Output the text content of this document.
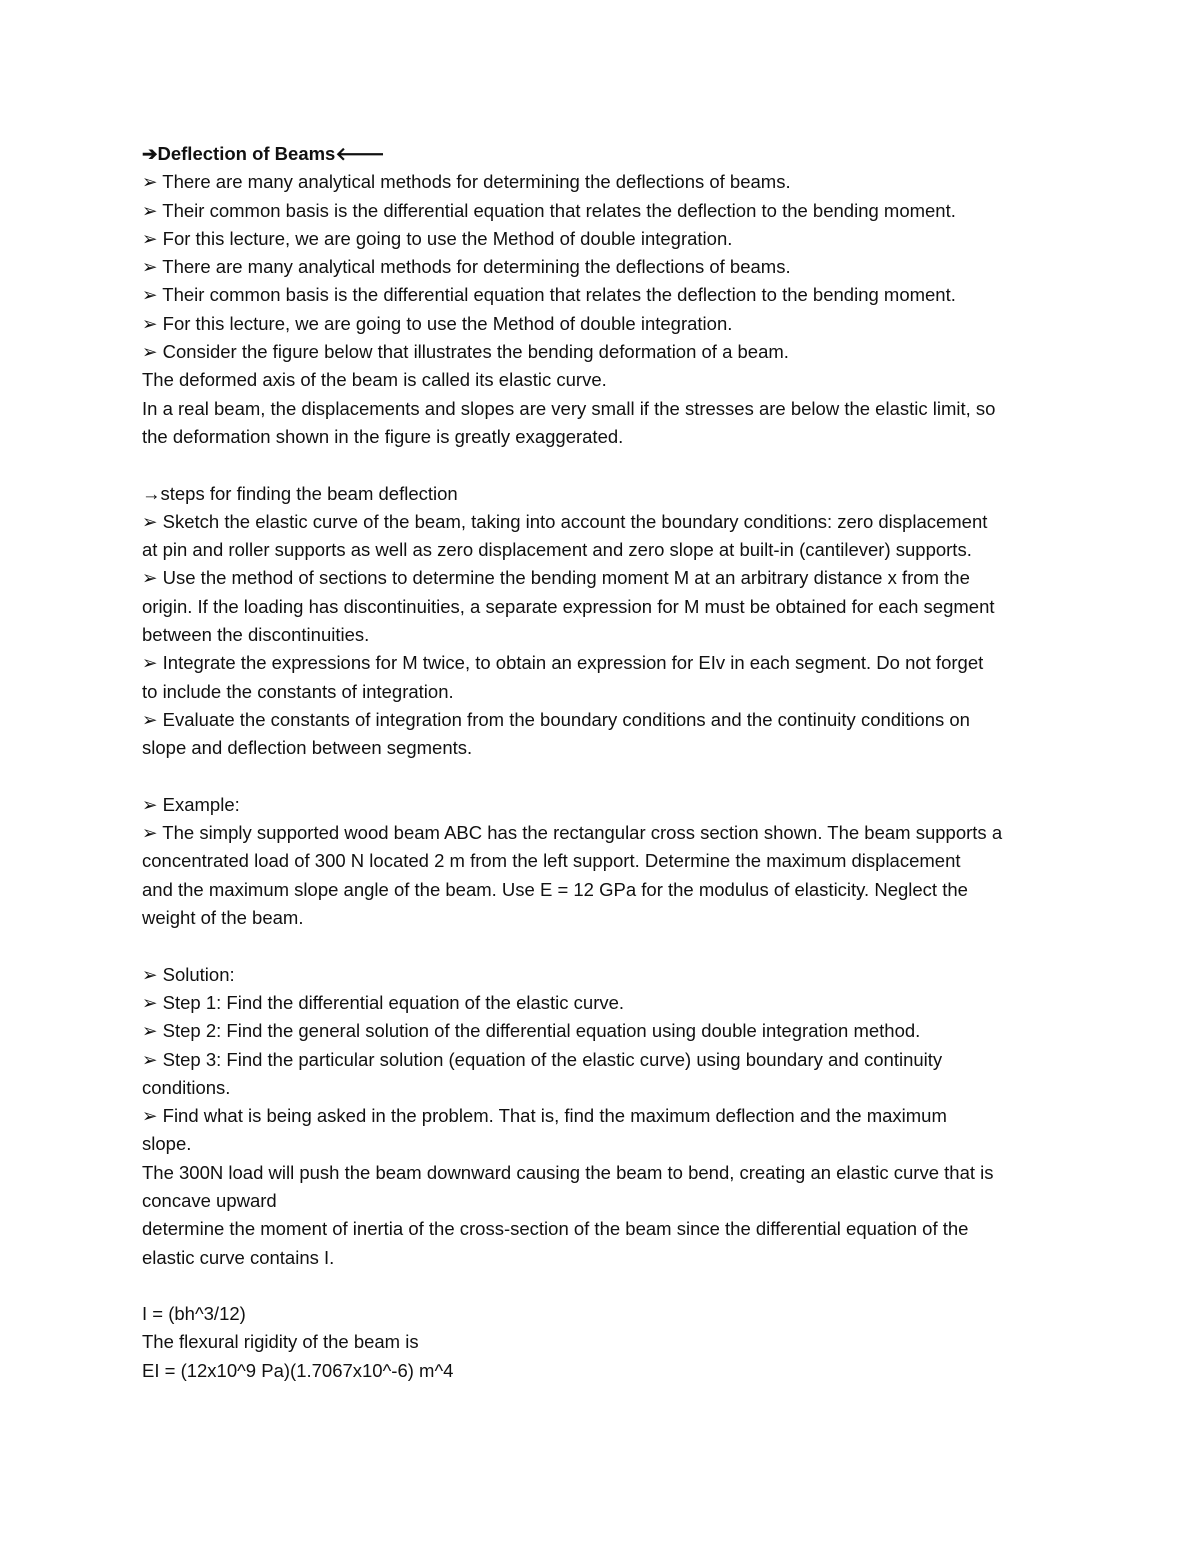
➔Deflection of Beams🡐
➢ There are many analytical methods for determining the deflections of beams.
➢ Their common basis is the differential equation that relates the deflection to the bending moment.
➢ For this lecture, we are going to use the Method of double integration.
➢ There are many analytical methods for determining the deflections of beams.
➢ Their common basis is the differential equation that relates the deflection to the bending moment.
➢ For this lecture, we are going to use the Method of double integration.
➢ Consider the figure below that illustrates the bending deformation of a beam.
The deformed axis of the beam is called its elastic curve.
In a real beam, the displacements and slopes are very small if the stresses are below the elastic limit, so
the deformation shown in the figure is greatly exaggerated.
→steps for finding the beam deflection
➢ Sketch the elastic curve of the beam, taking into account the boundary conditions: zero displacement
at pin and roller supports as well as zero displacement and zero slope at built-in (cantilever) supports.
➢ Use the method of sections to determine the bending moment M at an arbitrary distance x from the
origin. If the loading has discontinuities, a separate expression for M must be obtained for each segment
between the discontinuities.
➢ Integrate the expressions for M twice, to obtain an expression for EIv in each segment. Do not forget
to include the constants of integration.
➢ Evaluate the constants of integration from the boundary conditions and the continuity conditions on
slope and deflection between segments.
➢ Example:
➢ The simply supported wood beam ABC has the rectangular cross section shown. The beam supports a
concentrated load of 300 N located 2 m from the left support. Determine the maximum displacement
and the maximum slope angle of the beam. Use E = 12 GPa for the modulus of elasticity. Neglect the
weight of the beam.
➢ Solution:
➢ Step 1: Find the differential equation of the elastic curve.
➢ Step 2: Find the general solution of the differential equation using double integration method.
➢ Step 3: Find the particular solution (equation of the elastic curve) using boundary and continuity
conditions.
➢ Find what is being asked in the problem. That is, find the maximum deflection and the maximum
slope.
The 300N load will push the beam downward causing the beam to bend, creating an elastic curve that is
concave upward
determine the moment of inertia of the cross-section of the beam since the differential equation of the
elastic curve contains I.
I = (bh^3/12)
The flexural rigidity of the beam is
EI = (12x10^9 Pa)(1.7067x10^-6) m^4
